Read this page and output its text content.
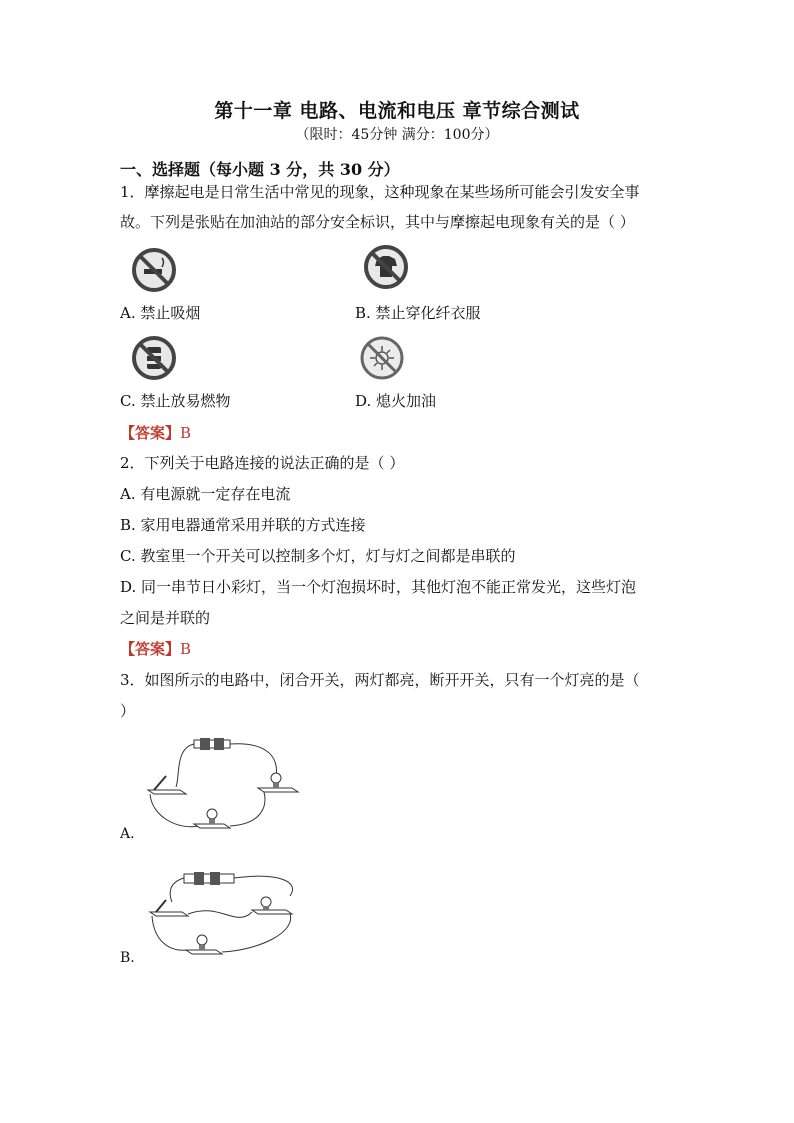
第十一章 电路、电流和电压 章节综合测试
（限时：45分钟 满分：100分）
一、选择题（每小题 3 分，共 30 分）
1．摩擦起电是日常生活中常见的现象，这种现象在某些场所可能会引发安全事
故。下列是张贴在加油站的部分安全标识，其中与摩擦起电现象有关的是（ ）
A. 禁止吸烟	B. 禁止穿化纤衣服
C. 禁止放易燃物	D. 熄火加油
【答案】B
2．下列关于电路连接的说法正确的是（ ）
A. 有电源就一定存在电流
B. 家用电器通常采用并联的方式连接
C. 教室里一个开关可以控制多个灯，灯与灯之间都是串联的
D. 同一串节日小彩灯，当一个灯泡损坏时，其他灯泡不能正常发光，这些灯泡
之间是并联的
【答案】B
3．如图所示的电路中，闭合开关，两灯都亮，断开开关，只有一个灯亮的是（
）
A.
B.
